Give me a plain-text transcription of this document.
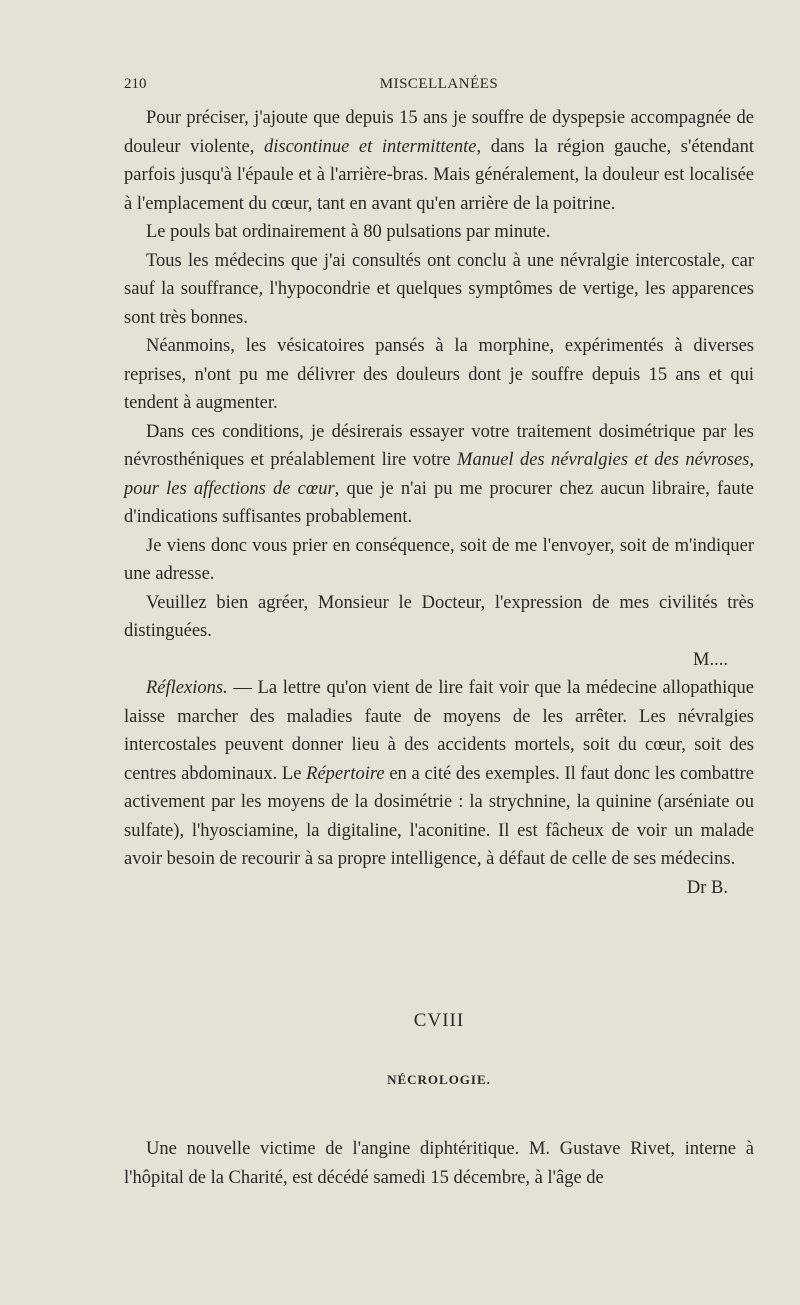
210	MISCELLANÉES

Pour préciser, j'ajoute que depuis 15 ans je souffre de dyspepsie accompagnée de douleur violente, discontinue et intermittente, dans la région gauche, s'étendant parfois jusqu'à l'épaule et à l'arrière-bras. Mais généralement, la douleur est localisée à l'emplacement du cœur, tant en avant qu'en arrière de la poitrine.

Le pouls bat ordinairement à 80 pulsations par minute.

Tous les médecins que j'ai consultés ont conclu à une névralgie intercostale, car sauf la souffrance, l'hypocondrie et quelques symptômes de vertige, les apparences sont très bonnes.

Néanmoins, les vésicatoires pansés à la morphine, expérimentés à diverses reprises, n'ont pu me délivrer des douleurs dont je souffre depuis 15 ans et qui tendent à augmenter.

Dans ces conditions, je désirerais essayer votre traitement dosimétrique par les névrosthéniques et préalablement lire votre Manuel des névralgies et des névroses, pour les affections de cœur, que je n'ai pu me procurer chez aucun libraire, faute d'indications suffisantes probablement.

Je viens donc vous prier en conséquence, soit de me l'envoyer, soit de m'indiquer une adresse.

Veuillez bien agréer, Monsieur le Docteur, l'expression de mes civilités très distinguées.

M....

Réflexions. — La lettre qu'on vient de lire fait voir que la médecine allopathique laisse marcher des maladies faute de moyens de les arrêter. Les névralgies intercostales peuvent donner lieu à des accidents mortels, soit du cœur, soit des centres abdominaux. Le Répertoire en a cité des exemples. Il faut donc les combattre activement par les moyens de la dosimétrie : la strychnine, la quinine (arséniate ou sulfate), l'hyosciamine, la digitaline, l'aconitine. Il est fâcheux de voir un malade avoir besoin de recourir à sa propre intelligence, à défaut de celle de ses médecins.

Dr B.
CVIII
NÉCROLOGIE.

Une nouvelle victime de l'angine diphtéritique. M. Gustave Rivet, interne à l'hôpital de la Charité, est décédé samedi 15 décembre, à l'âge de
